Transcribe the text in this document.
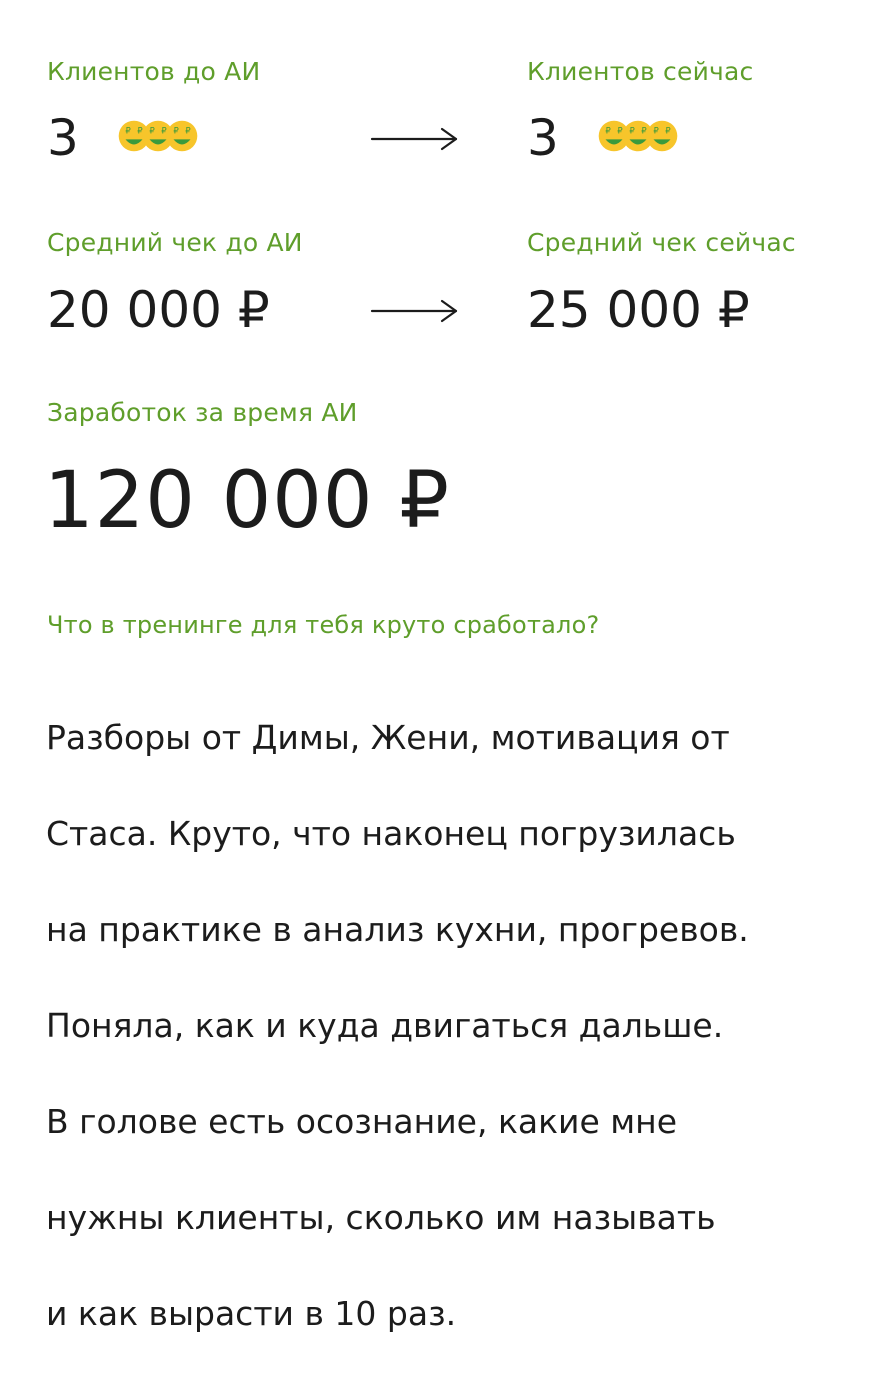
Клиентов до АИ	Клиентов сейчас
3	₽ ₽ ₽ ₽ ₽ ₽	3	₽ ₽ ₽ ₽ ₽ ₽
Средний чек до АИ	Средний чек сейчас
20 000 ₽	25 000 ₽
Заработок за время АИ
120 000 ₽
Что в тренинге для тебя круто сработало?

Разборы от Димы, Жени, мотивация от

Стаса. Круто, что наконец погрузилась

на практике в анализ кухни, прогревов.

Поняла, как и куда двигаться дальше.

В голове есть осознание, какие мне

нужны клиенты, сколько им называть

и как вырасти в 10 раз.
